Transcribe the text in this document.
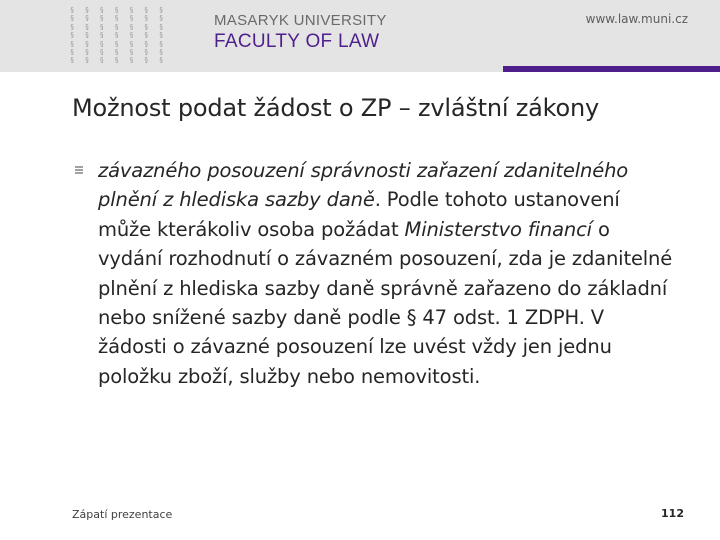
§ § § § § § §
§ § § § § § §
§ § § § § § §
§ § § § § § §
§ § § § § § §
§ § § § § § §
§ § § § § § §
MASARYK UNIVERSITY
FACULTY OF LAW
www.law.muni.cz
Možnost podat žádost o ZP – zvláštní zákony
závazného posouzení správnosti zařazení zdanitelného plnění z hlediska sazby daně. Podle tohoto ustanovení může kterákoliv osoba požádat Ministerstvo financí o vydání rozhodnutí o závazném posouzení, zda je zdanitelné plnění z hlediska sazby daně správně zařazeno do základní nebo snížené sazby daně podle § 47 odst. 1 ZDPH. V žádosti o závazné posouzení lze uvést vždy jen jednu položku zboží, služby nebo nemovitosti.
Zápatí prezentace	112
